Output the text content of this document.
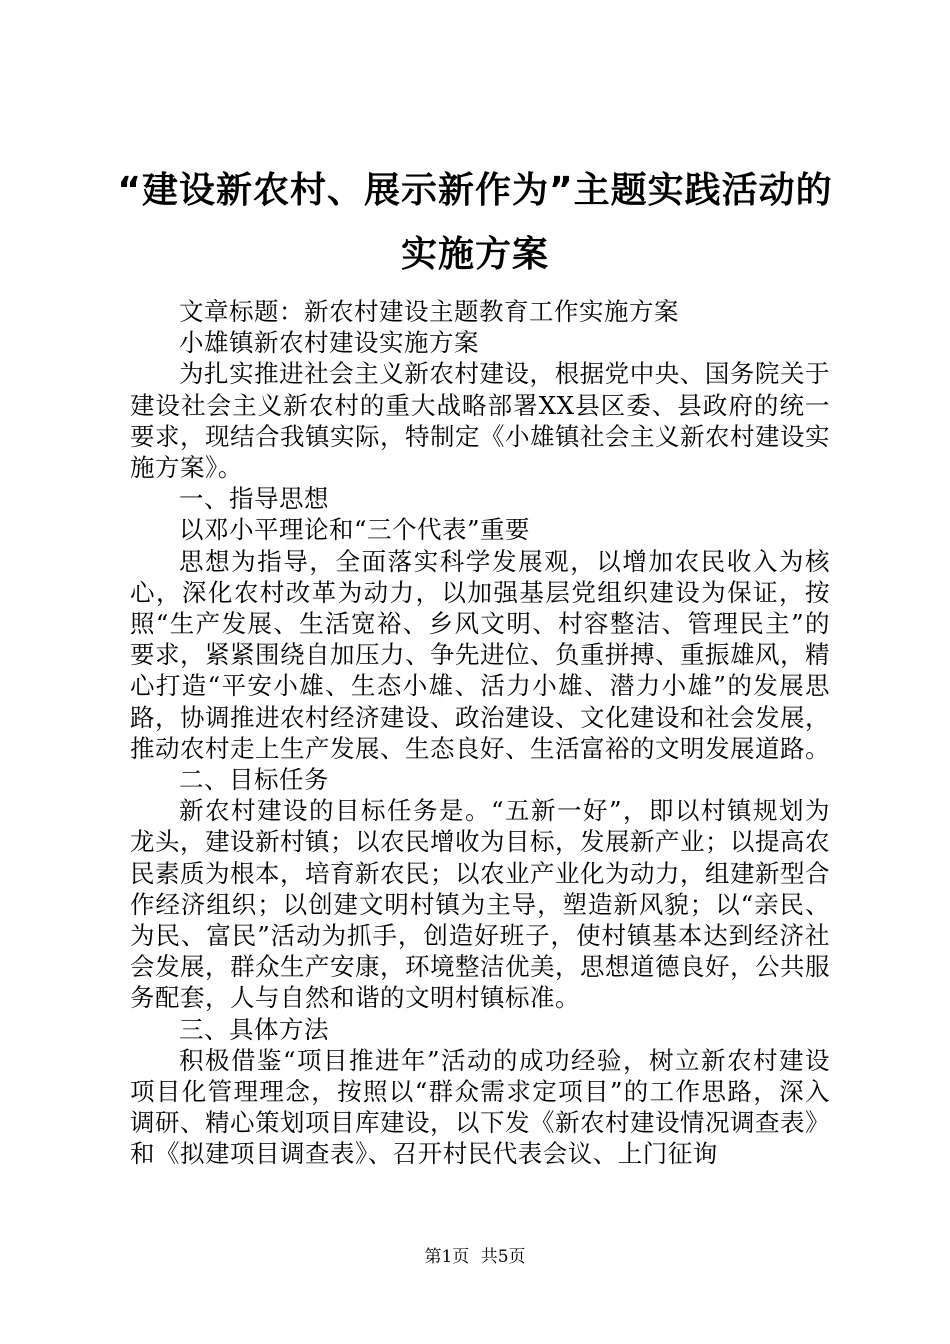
“建设新农村、展示新作为”主题实践活动的
实施方案

文章标题：新农村建设主题教育工作实施方案

小雄镇新农村建设实施方案

为扎实推进社会主义新农村建设，根据党中央、国务院关于建设社会主义新农村的重大战略部署XX县区委、县政府的统一要求，现结合我镇实际，特制定《小雄镇社会主义新农村建设实施方案》。

一、指导思想

以邓小平理论和“三个代表”重要

思想为指导，全面落实科学发展观，以增加农民收入为核心，深化农村改革为动力，以加强基层党组织建设为保证，按照“生产发展、生活宽裕、乡风文明、村容整洁、管理民主”的要求，紧紧围绕自加压力、争先进位、负重拼搏、重振雄风，精心打造“平安小雄、生态小雄、活力小雄、潜力小雄”的发展思路，协调推进农村经济建设、政治建设、文化建设和社会发展，推动农村走上生产发展、生态良好、生活富裕的文明发展道路。

二、目标任务

新农村建设的目标任务是。“五新一好”，即以村镇规划为龙头，建设新村镇；以农民增收为目标，发展新产业；以提高农民素质为根本，培育新农民；以农业产业化为动力，组建新型合作经济组织；以创建文明村镇为主导，塑造新风貌；以“亲民、为民、富民”活动为抓手，创造好班子，使村镇基本达到经济社会发展，群众生产安康，环境整洁优美，思想道德良好，公共服务配套，人与自然和谐的文明村镇标准。

三、具体方法

积极借鉴“项目推进年”活动的成功经验，树立新农村建设项目化管理理念，按照以“群众需求定项目”的工作思路，深入调研、精心策划项目库建设，以下发《新农村建设情况调查表》和《拟建项目调查表》、召开村民代表会议、上门征询

第1页 共5页
